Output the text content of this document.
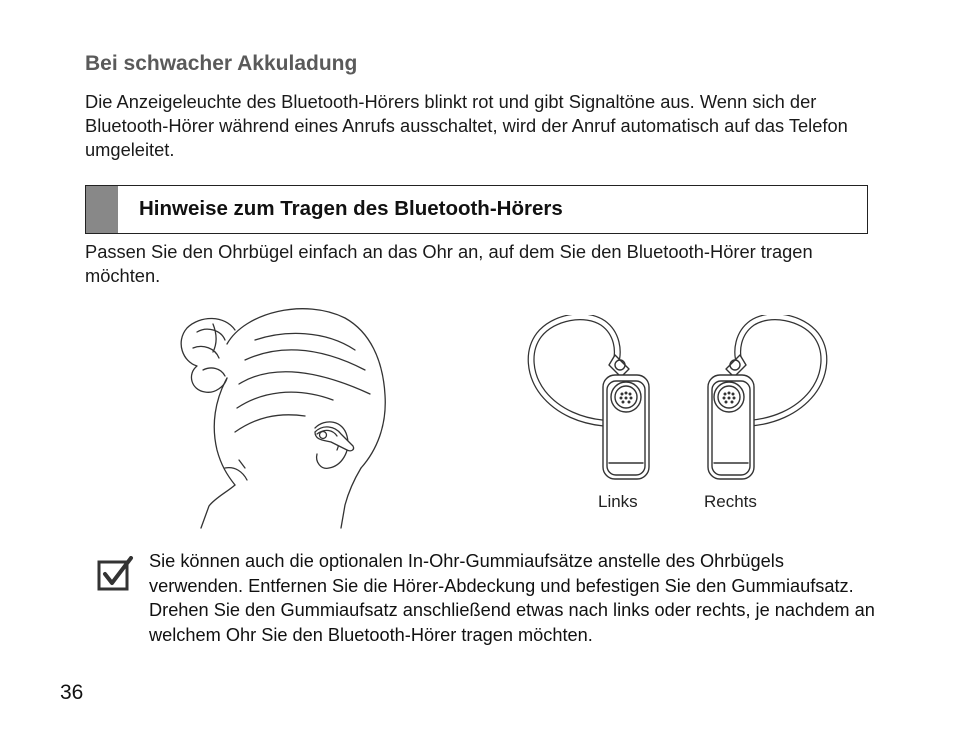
Bei schwacher Akkuladung

Die Anzeigeleuchte des Bluetooth-Hörers blinkt rot und gibt Signaltöne aus. Wenn sich der Bluetooth-Hörer während eines Anrufs ausschaltet, wird der Anruf automatisch auf das Telefon umgeleitet.

Hinweise zum Tragen des Bluetooth-Hörers

Passen Sie den Ohrbügel einfach an das Ohr an, auf dem Sie den Bluetooth-Hörer tragen möchten.

Links	Rechts

Sie können auch die optionalen In-Ohr-Gummiaufsätze anstelle des Ohrbügels verwenden. Entfernen Sie die Hörer-Abdeckung und befestigen Sie den Gummiaufsatz. Drehen Sie den Gummiaufsatz anschließend etwas nach links oder rechts, je nachdem an welchem Ohr Sie den Bluetooth-Hörer tragen möchten.

36
